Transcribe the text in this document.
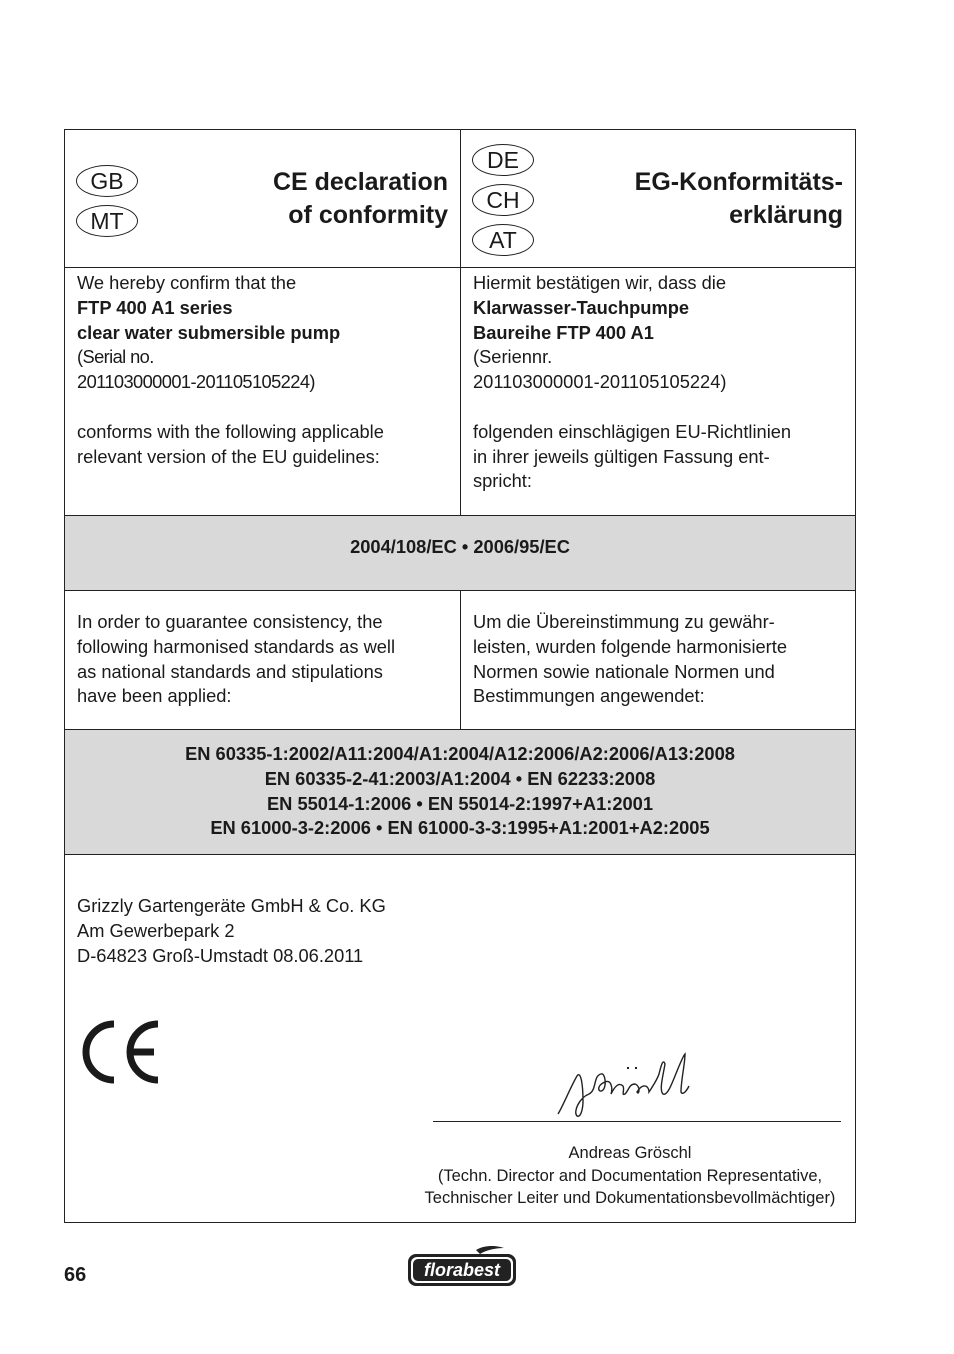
GB
MT
CE declaration
of conformity
DE
CH
AT
EG-Konformitäts-
erklärung
We hereby confirm that the
FTP 400 A1 series
clear water submersible pump
(Serial no.
201103000001-201105105224)
conforms with the following applicable
relevant version of the EU guidelines:
Hiermit bestätigen wir, dass die
Klarwasser-Tauchpumpe
Baureihe FTP 400 A1
(Seriennr.
201103000001-201105105224)
folgenden einschlägigen EU-Richtlinien
in ihrer jeweils gültigen Fassung ent-
spricht:
2004/108/EC • 2006/95/EC
In order to guarantee consistency, the
following harmonised standards as well
as national standards and stipulations
have been applied:
Um die Übereinstimmung zu gewähr-
leisten, wurden folgende harmonisierte
Normen sowie nationale Normen und
Bestimmungen angewendet:
EN 60335-1:2002/A11:2004/A1:2004/A12:2006/A2:2006/A13:2008
EN 60335-2-41:2003/A1:2004 • EN 62233:2008
EN 55014-1:2006 • EN 55014-2:1997+A1:2001
EN 61000-3-2:2006 • EN 61000-3-3:1995+A1:2001+A2:2005
Grizzly Gartengeräte GmbH & Co. KG
Am Gewerbepark 2
D-64823 Groß-Umstadt 08.06.2011
Andreas Gröschl
(Techn. Director and Documentation Representative,
Technischer Leiter und Dokumentationsbevollmächtiger)
66	florabest
